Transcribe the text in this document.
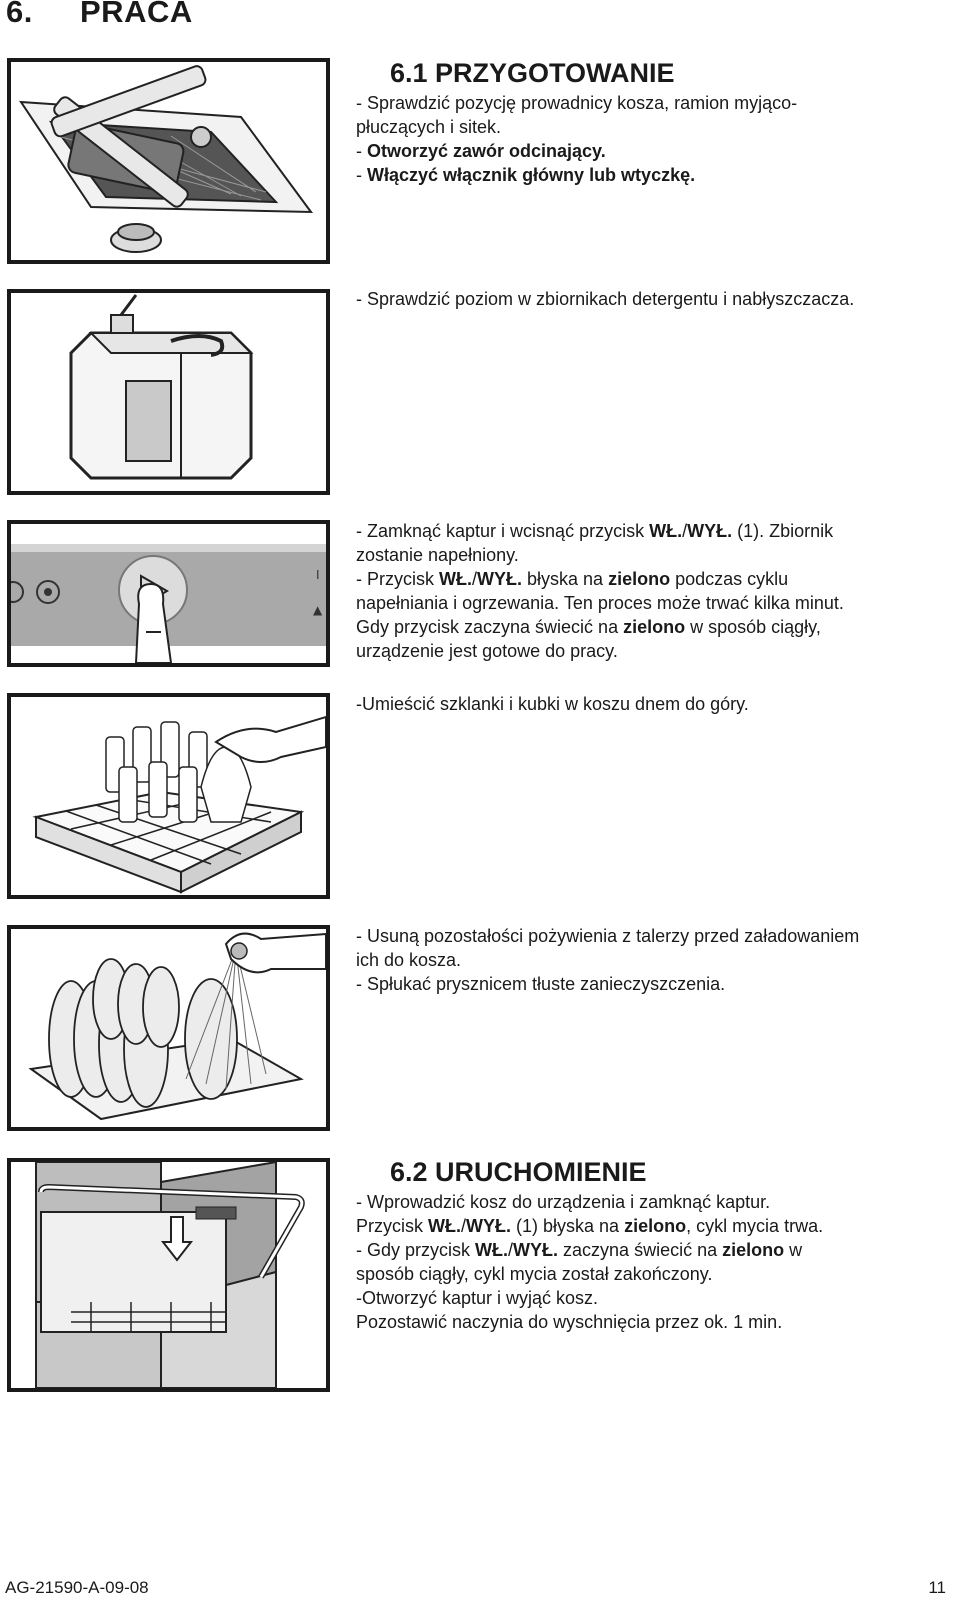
6. PRACA
I
▲
6.1 PRZYGOTOWANIE

- Sprawdzić pozycję prowadnicy kosza, ramion myjąco-

płuczących i sitek.

- Otworzyć zawór odcinający.

- Włączyć włącznik główny lub wtyczkę.

- Sprawdzić poziom w zbiornikach detergentu i nabłyszczacza.

- Zamknąć kaptur i wcisnąć przycisk WŁ./WYŁ. (1). Zbiornik

zostanie napełniony.

- Przycisk WŁ./WYŁ. błyska na zielono podczas cyklu

napełniania i ogrzewania. Ten proces może trwać kilka minut.

Gdy przycisk zaczyna świecić na zielono w sposób ciągły,

urządzenie jest gotowe do pracy.

-Umieścić szklanki i kubki w koszu dnem do góry.

- Usuną pozostałości pożywienia z talerzy przed załadowaniem

ich do kosza.

- Spłukać prysznicem tłuste zanieczyszczenia.

6.2 URUCHOMIENIE

- Wprowadzić kosz do urządzenia i zamknąć kaptur.

Przycisk WŁ./WYŁ. (1) błyska na zielono, cykl mycia trwa.

- Gdy przycisk WŁ./WYŁ. zaczyna świecić na zielono w

sposób ciągły, cykl mycia został zakończony.

-Otworzyć kaptur i wyjąć kosz.

Pozostawić naczynia do wyschnięcia przez ok. 1 min.

AG-21590-A-09-08	11
